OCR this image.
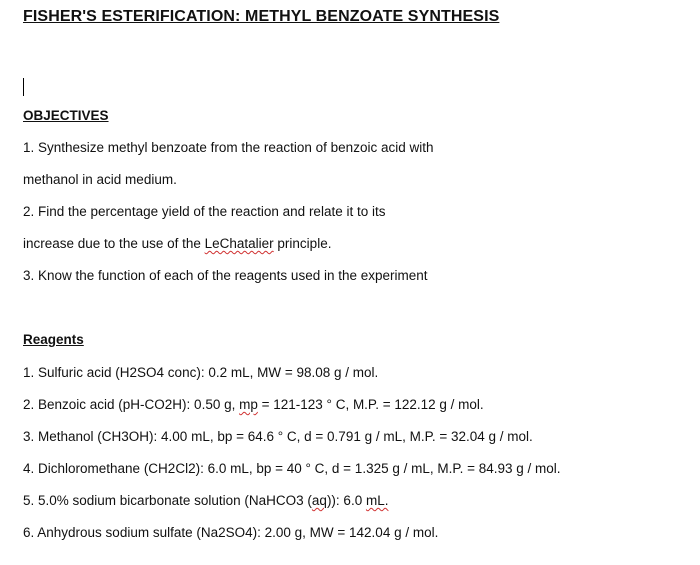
FISHER'S ESTERIFICATION: METHYL BENZOATE SYNTHESIS
OBJECTIVES
1. Synthesize methyl benzoate from the reaction of benzoic acid with
methanol in acid medium.
2. Find the percentage yield of the reaction and relate it to its
increase due to the use of the LeChatalier principle.
3. Know the function of each of the reagents used in the experiment
Reagents
1. Sulfuric acid (H2SO4 conc): 0.2 mL, MW = 98.08 g / mol.
2. Benzoic acid (pH-CO2H): 0.50 g, mp = 121-123 ° C, M.P. = 122.12 g / mol.
3. Methanol (CH3OH): 4.00 mL, bp = 64.6 ° C, d = 0.791 g / mL, M.P. = 32.04 g / mol.
4. Dichloromethane (CH2Cl2): 6.0 mL, bp = 40 ° C, d = 1.325 g / mL, M.P. = 84.93 g / mol.
5. 5.0% sodium bicarbonate solution (NaHCO3 (aq)): 6.0 mL.
6. Anhydrous sodium sulfate (Na2SO4): 2.00 g, MW = 142.04 g / mol.
